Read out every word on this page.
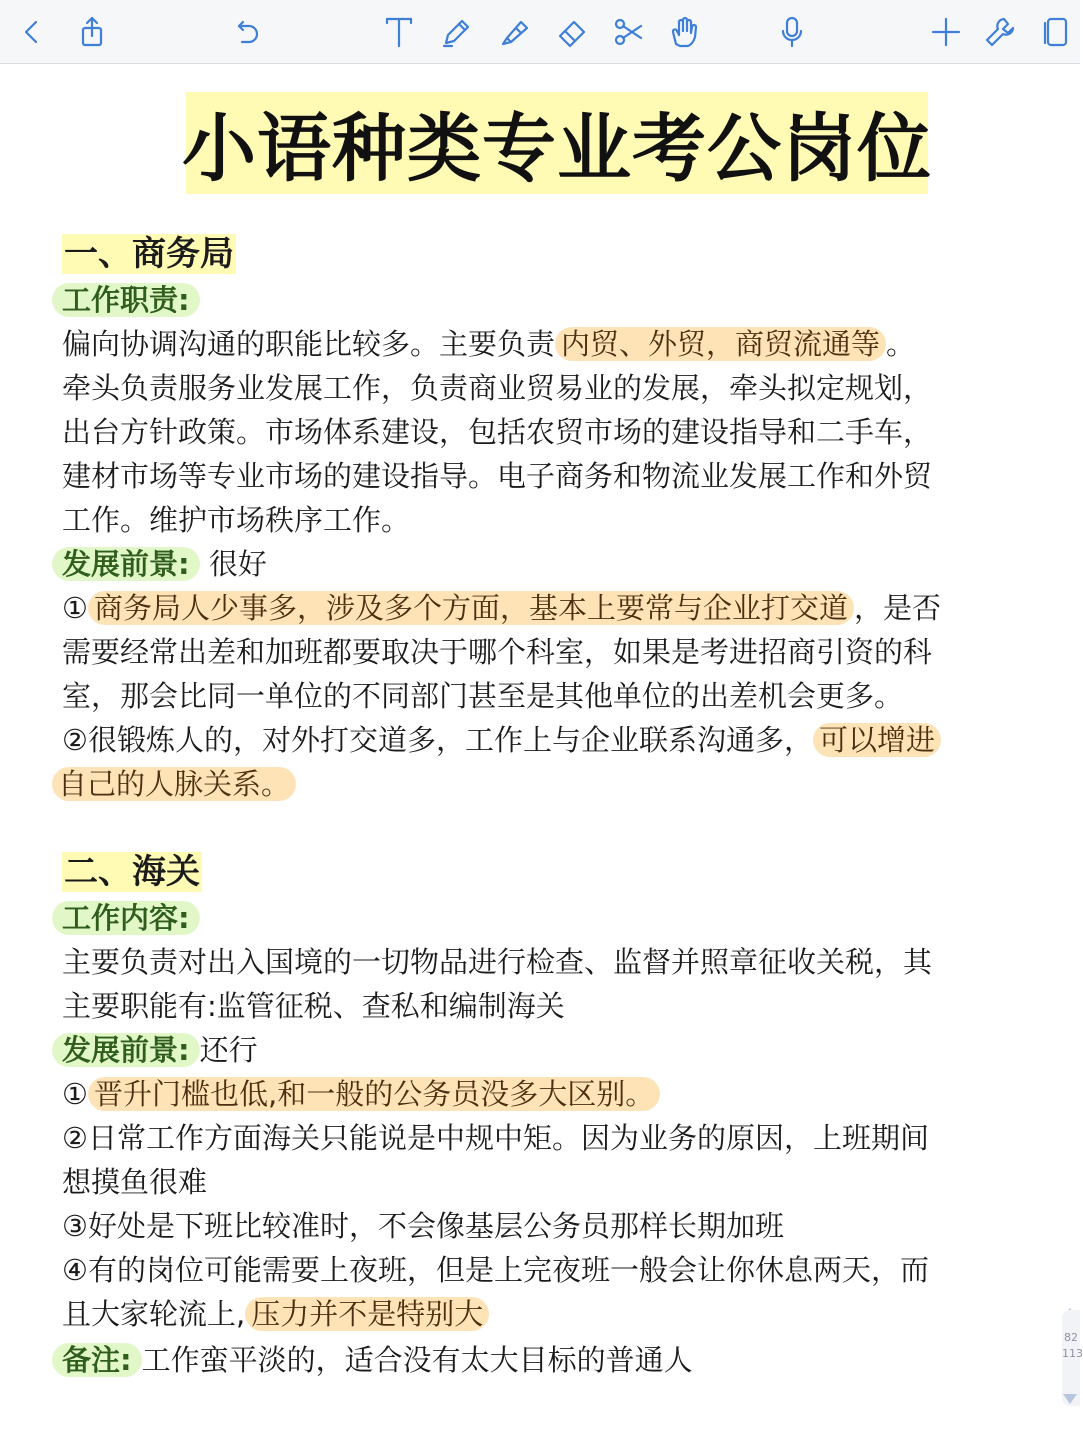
小语种类专业考公岗位
一、商务局
工作职责:
偏向协调沟通的职能比较多。主要负责 内贸、外贸，商贸流通等 。
牵头负责服务业发展工作，负责商业贸易业的发展，牵头拟定规划，
出台方针政策。市场体系建设，包括农贸市场的建设指导和二手车，
建材市场等专业市场的建设指导。电子商务和物流业发展工作和外贸
工作。维护市场秩序工作。
发展前景: 很好
① 商务局人少事多，涉及多个方面，基本上要常与企业打交道 ，是否
需要经常出差和加班都要取决于哪个科室，如果是考进招商引资的科
室，那会比同一单位的不同部门甚至是其他单位的出差机会更多。
②很锻炼人的，对外打交道多，工作上与企业联系沟通多， 可以增进
自己的人脉关系。
二、海关
工作内容:
主要负责对出入国境的一切物品进行检查、监督并照章征收关税，其
主要职能有:监管征税、查私和编制海关
发展前景: 还行
① 晋升门槛也低,和一般的公务员没多大区别。
②日常工作方面海关只能说是中规中矩。因为业务的原因，上班期间
想摸鱼很难
③好处是下班比较准时，不会像基层公务员那样长期加班
④有的岗位可能需要上夜班，但是上完夜班一般会让你休息两天，而
且大家轮流上, 压力并不是特别大
备注: 工作蛮平淡的，适合没有太大目标的普通人
82
113
